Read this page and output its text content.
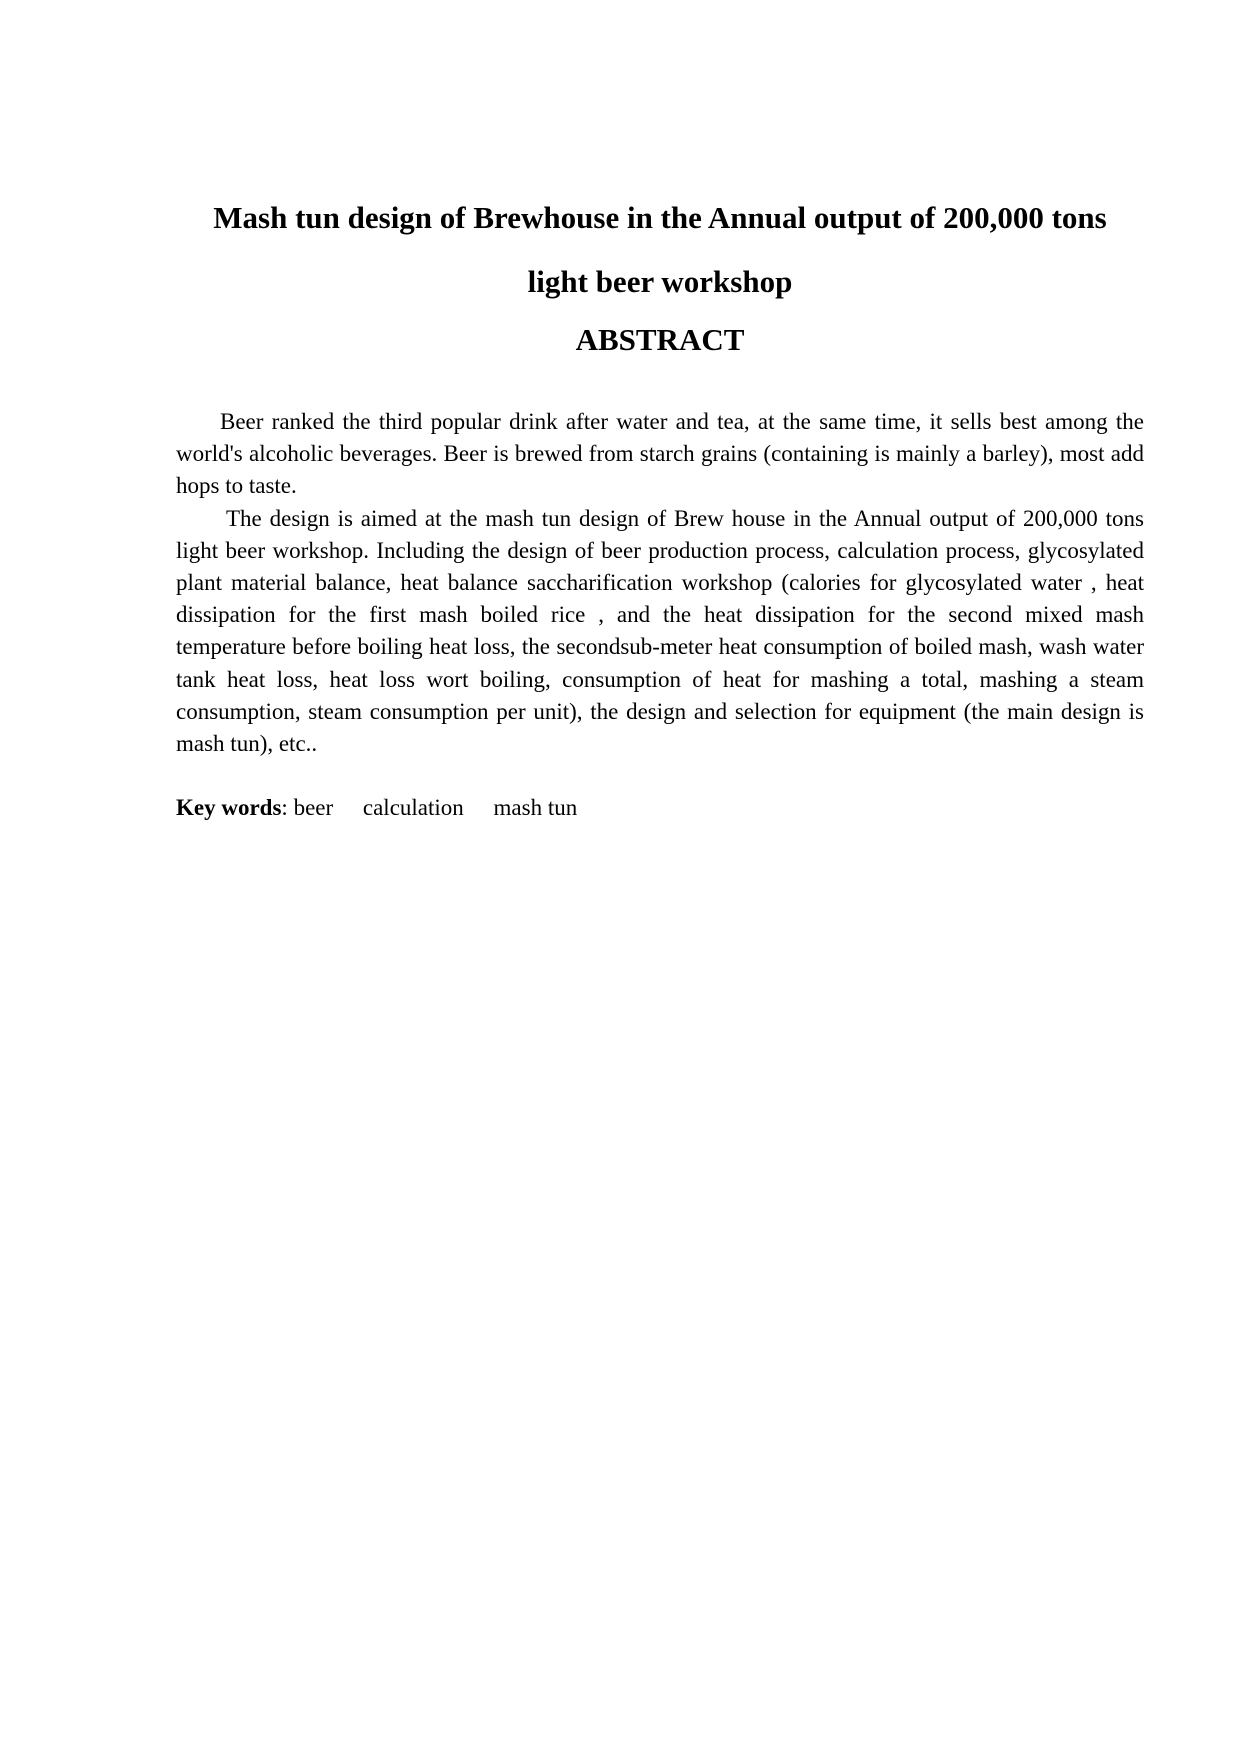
Mash tun design of Brewhouse in the Annual output of 200,000 tons
light beer workshop
ABSTRACT

Beer ranked the third popular drink after water and tea, at the same time, it sells best among the world's alcoholic beverages. Beer is brewed from starch grains (containing is mainly a barley), most add hops to taste.

The design is aimed at the mash tun design of Brew house in the Annual output of 200,000 tons light beer workshop. Including the design of beer production process, calculation process, glycosylated plant material balance, heat balance saccharification workshop (calories for glycosylated water , heat dissipation for the first mash boiled rice , and the heat dissipation for the second mixed mash temperature before boiling heat loss, the secondsub-meter heat consumption of boiled mash, wash water tank heat loss, heat loss wort boiling, consumption of heat for mashing a total, mashing a steam consumption, steam consumption per unit), the design and selection for equipment (the main design is mash tun), etc..

Key words: beer calculation mash tun
